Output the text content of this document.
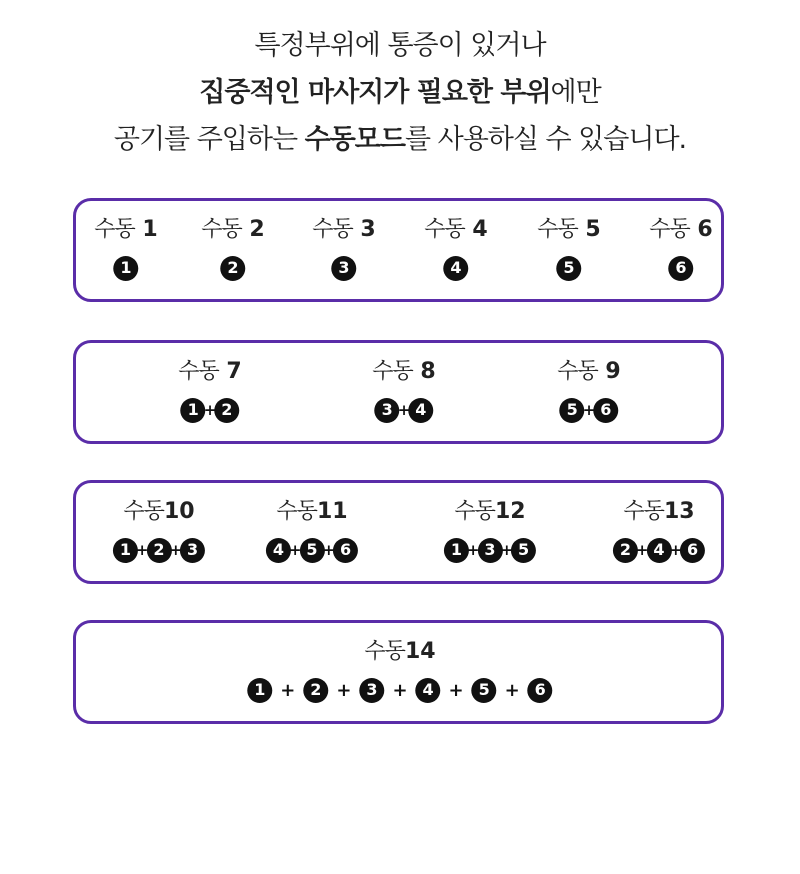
특정부위에 통증이 있거나
집중적인 마사지가 필요한 부위에만
공기를 주입하는 수동모드를 사용하실 수 있습니다.
수동 1
1
수동 2
2
수동 3
3
수동 4
4
수동 5
5
수동 6
6
수동 7
1 + 2
수동 8
3 + 4
수동 9
5 + 6
수동10
1 + 2 + 3
수동11
4 + 5 + 6
수동12
1 + 3 + 5
수동13
2 + 4 + 6
수동14
1 + 2 + 3 + 4 + 5 + 6
